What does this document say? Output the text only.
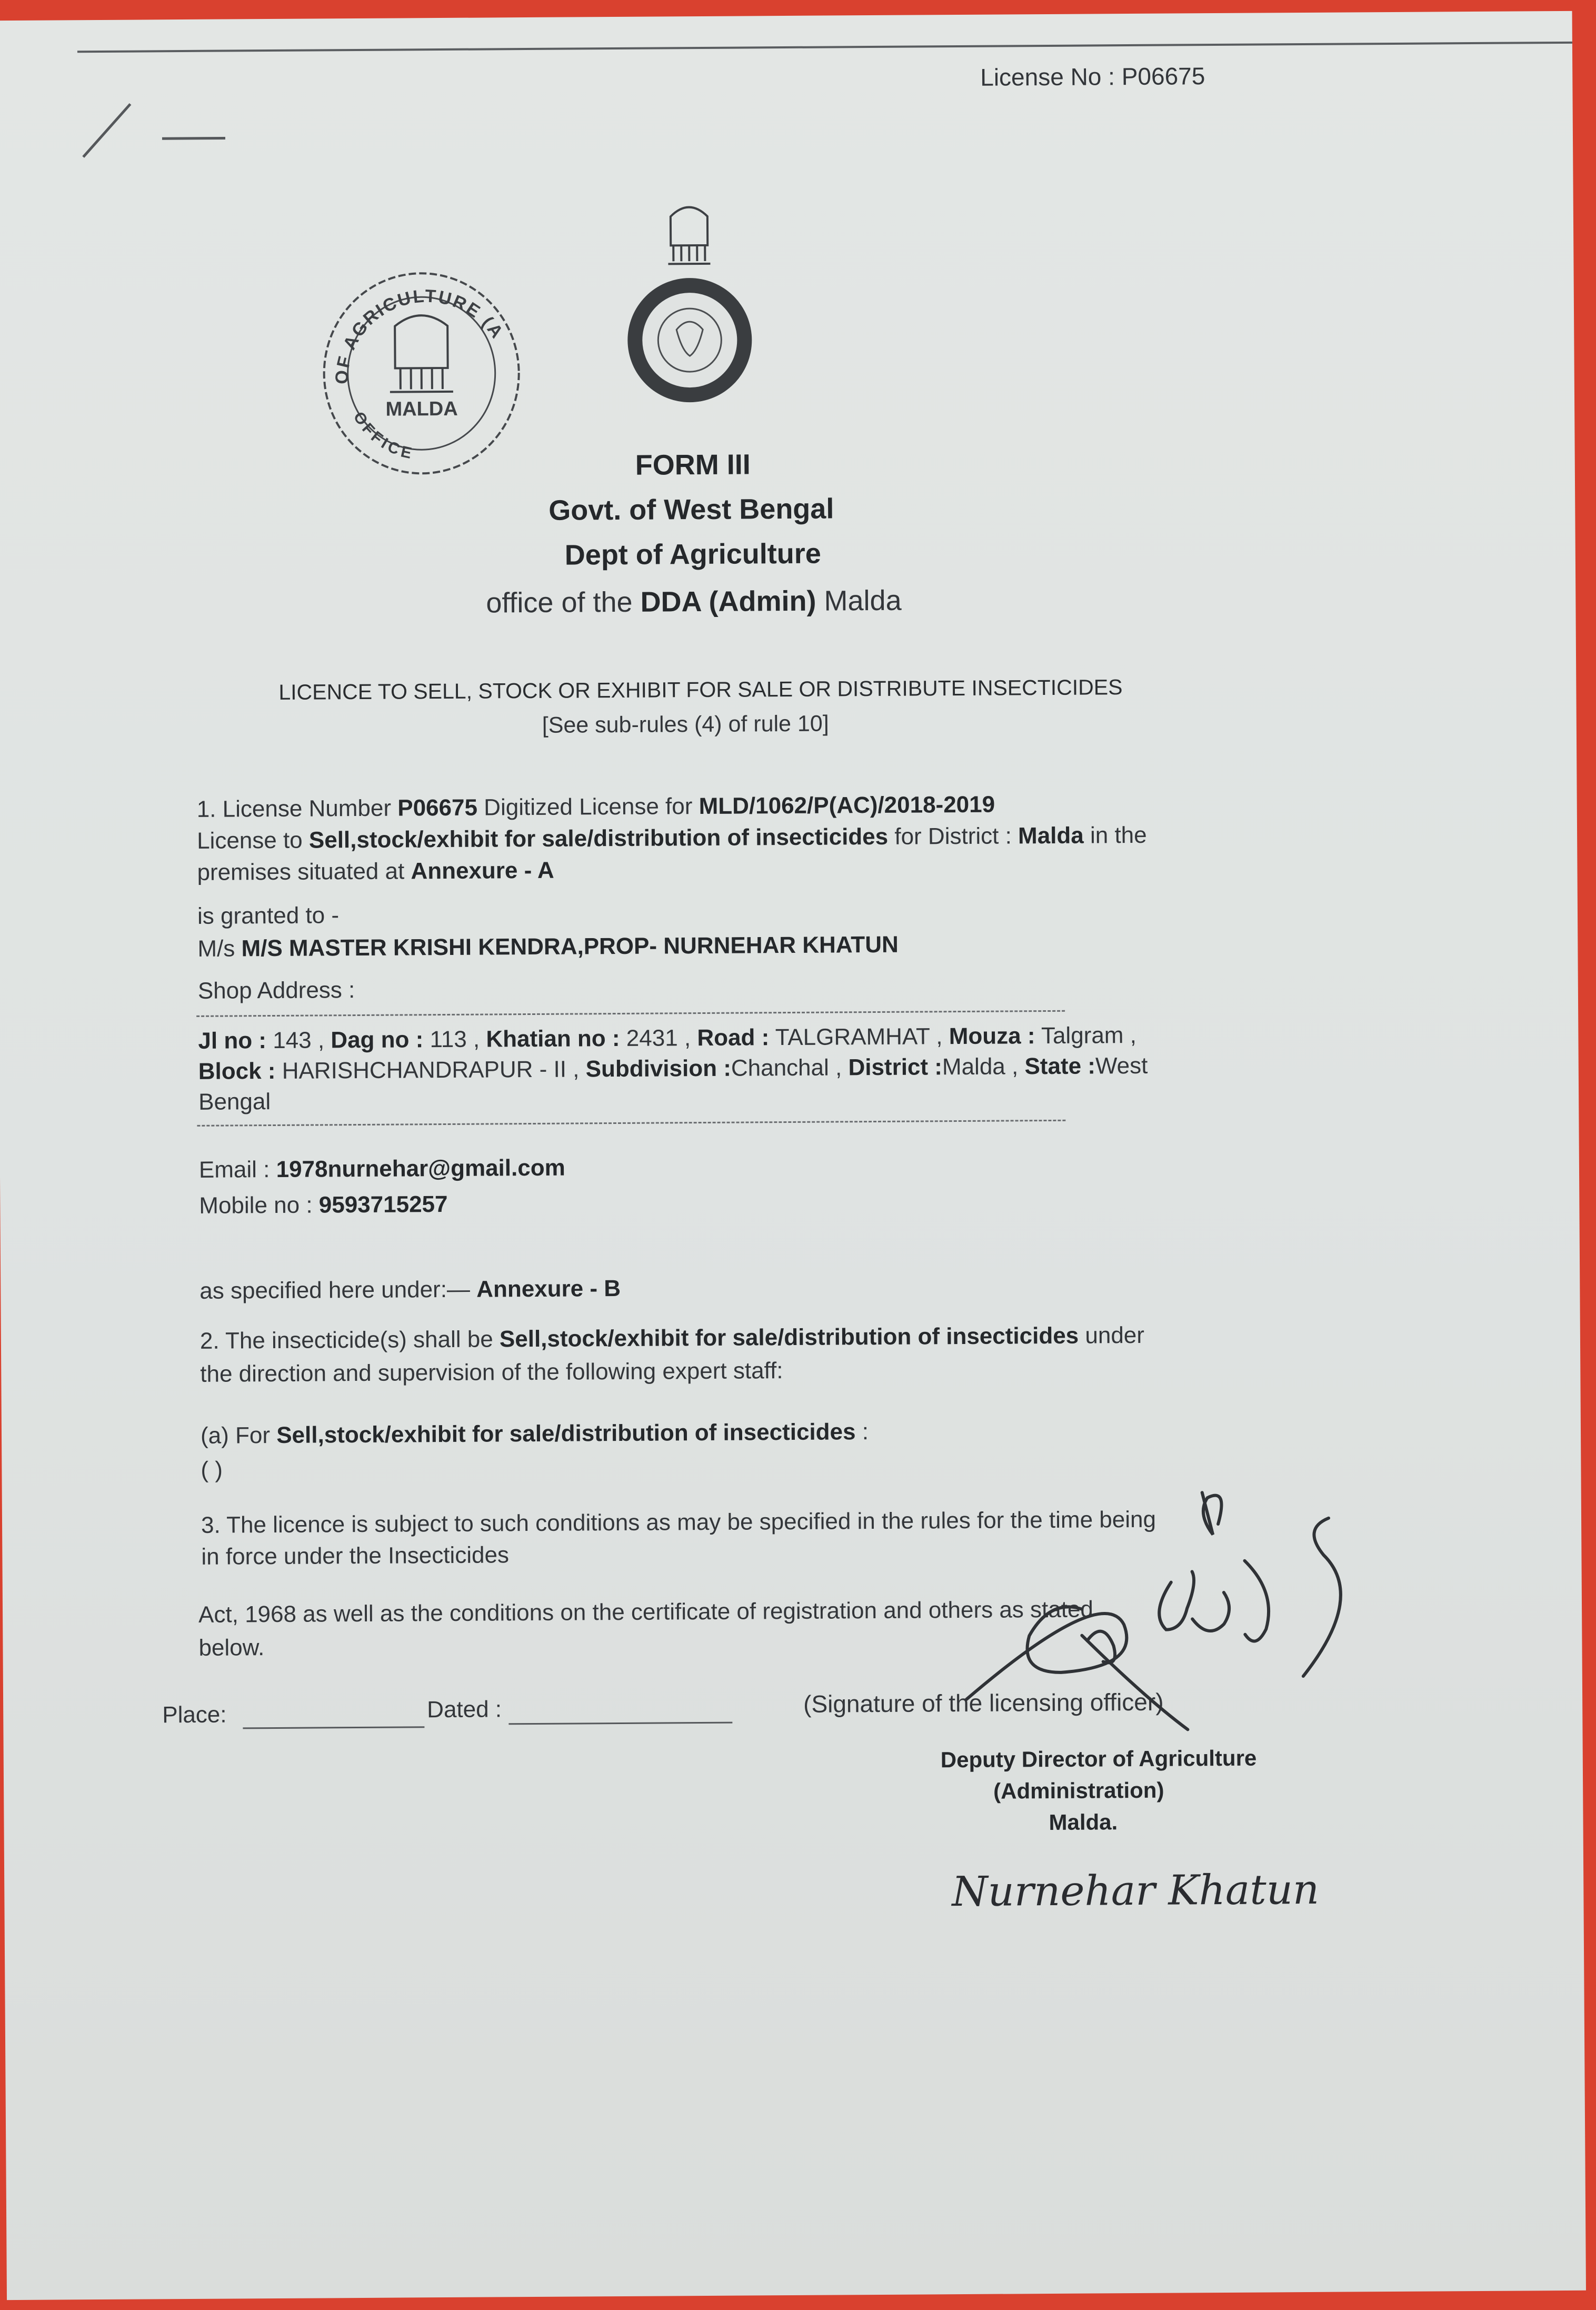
License No : P06675
OF AGRICULTURE (Admn)
OFFICE
MALDA
FORM III
Govt. of West Bengal
Dept of Agriculture
office of the DDA (Admin) Malda
LICENCE TO SELL, STOCK OR EXHIBIT FOR SALE OR DISTRIBUTE INSECTICIDES
[See sub-rules (4) of rule 10]
1. License Number P06675 Digitized License for MLD/1062/P(AC)/2018-2019
License to Sell,stock/exhibit for sale/distribution of insecticides for District : Malda in the
premises situated at Annexure - A
is granted to -
M/s M/S MASTER KRISHI KENDRA,PROP- NURNEHAR KHATUN
Shop Address :
Jl no : 143 , Dag no : 113 , Khatian no : 2431 , Road : TALGRAMHAT , Mouza : Talgram ,
Block : HARISHCHANDRAPUR - II , Subdivision :Chanchal , District :Malda , State :West
Bengal
Email : 1978nurnehar@gmail.com
Mobile no : 9593715257
as specified here under:— Annexure - B
2. The insecticide(s) shall be Sell,stock/exhibit for sale/distribution of insecticides under
the direction and supervision of the following expert staff:
(a) For Sell,stock/exhibit for sale/distribution of insecticides :
( )
3. The licence is subject to such conditions as may be specified in the rules for the time being
in force under the Insecticides
Act, 1968 as well as the conditions on the certificate of registration and others as stated
below.
Place:	Dated :	(Signature of the licensing officer)
Deputy Director of Agriculture
(Administration)
Malda.
Nurnehar Khatun
